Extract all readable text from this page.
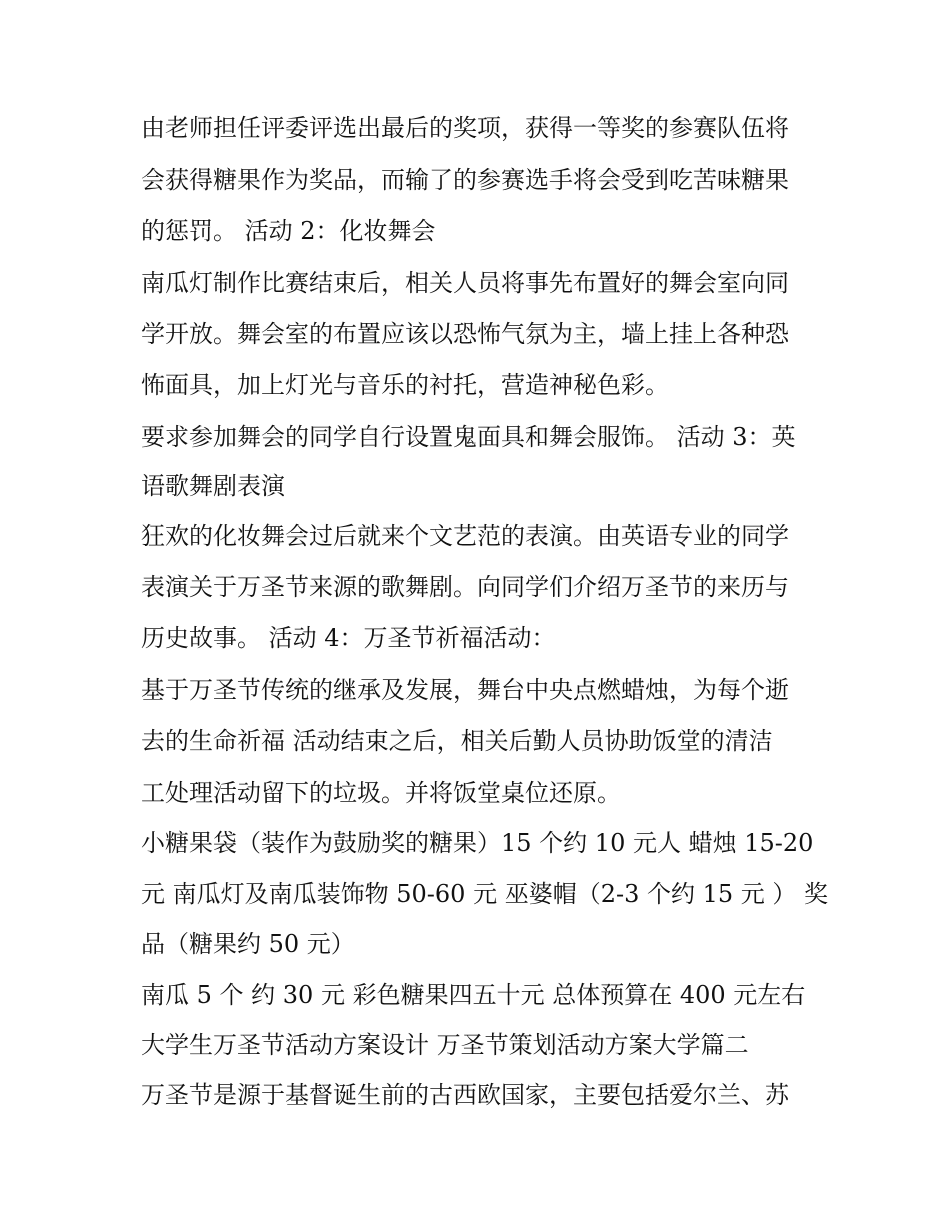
由老师担任评委评选出最后的奖项，获得一等奖的参赛队伍将
会获得糖果作为奖品，而输了的参赛选手将会受到吃苦味糖果
的惩罚。 活动 2：化妆舞会
南瓜灯制作比赛结束后，相关人员将事先布置好的舞会室向同
学开放。舞会室的布置应该以恐怖气氛为主，墙上挂上各种恐
怖面具，加上灯光与音乐的衬托，营造神秘色彩。
要求参加舞会的同学自行设置鬼面具和舞会服饰。 活动 3：英
语歌舞剧表演
狂欢的化妆舞会过后就来个文艺范的表演。由英语专业的同学
表演关于万圣节来源的歌舞剧。向同学们介绍万圣节的来历与
历史故事。 活动 4：万圣节祈福活动：
基于万圣节传统的继承及发展，舞台中央点燃蜡烛，为每个逝
去的生命祈福 活动结束之后，相关后勤人员协助饭堂的清洁
工处理活动留下的垃圾。并将饭堂桌位还原。
小糖果袋（装作为鼓励奖的糖果）15 个约 10 元人 蜡烛 15-20
元 南瓜灯及南瓜装饰物 50-60 元 巫婆帽（2-3 个约 15 元 ） 奖
品（糖果约 50 元）
南瓜 5 个 约 30 元 彩色糖果四五十元 总体预算在 400 元左右
大学生万圣节活动方案设计 万圣节策划活动方案大学篇二
万圣节是源于基督诞生前的古西欧国家，主要包括爱尔兰、苏
